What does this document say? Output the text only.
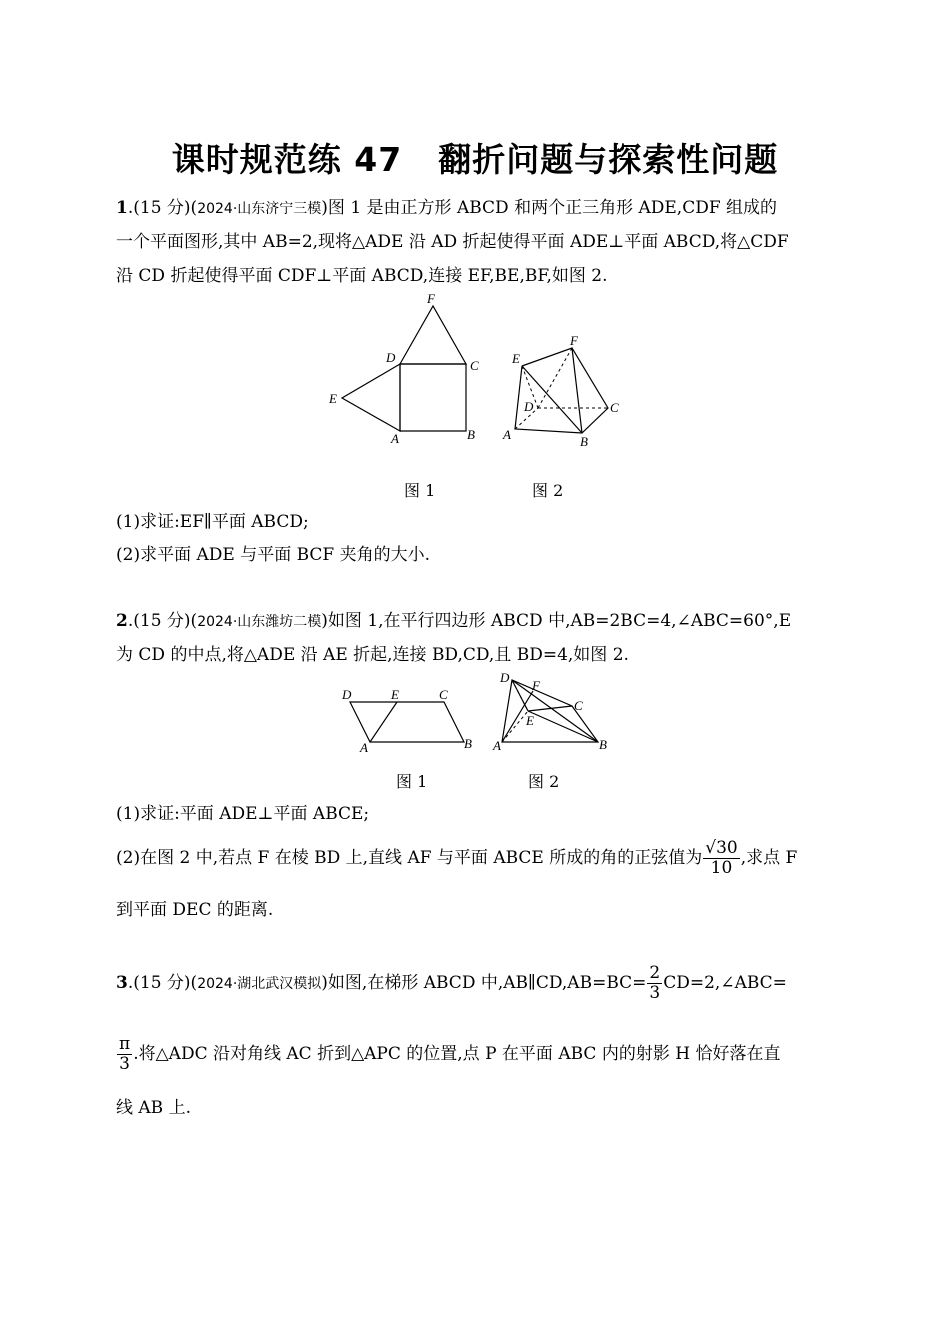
课时规范练 47 翻折问题与探索性问题
1.(15 分)(2024·山东济宁三模)图 1 是由正方形 ABCD 和两个正三角形 ADE,CDF 组成的
一个平面图形,其中 AB=2,现将△ADE 沿 AD 折起使得平面 ADE⊥平面 ABCD,将△CDF
沿 CD 折起使得平面 CDF⊥平面 ABCD,连接 EF,BE,BF,如图 2.
F
D
C
E
A	B
E
F
D	C
A	B
图 1	图 2
(1)求证:EF∥平面 ABCD;
(2)求平面 ADE 与平面 BCF 夹角的大小.
2.(15 分)(2024·山东潍坊二模)如图 1,在平行四边形 ABCD 中,AB=2BC=4,∠ABC=60°,E
为 CD 的中点,将△ADE 沿 AE 折起,连接 BD,CD,且 BD=4,如图 2.
D	E	C
A	B
D
F
C
E
A	B
图 1	图 2
(1)求证:平面 ADE⊥平面 ABCE;
(2)在图 2 中,若点 F 在棱 BD 上,直线 AF 与平面 ABCE 所成的角的正弦值为 $\frac{√30}{10}$ ,求点 F
到平面 DEC 的距离.
3.(15 分)(2024·湖北武汉模拟)如图,在梯形 ABCD 中,AB∥CD,AB=BC= $\frac{2}{3}$ CD=2,∠ABC=
$\frac{\pi}{3}$ .将△ADC 沿对角线 AC 折到△APC 的位置,点 P 在平面 ABC 内的射影 H 恰好落在直
线 AB 上.
